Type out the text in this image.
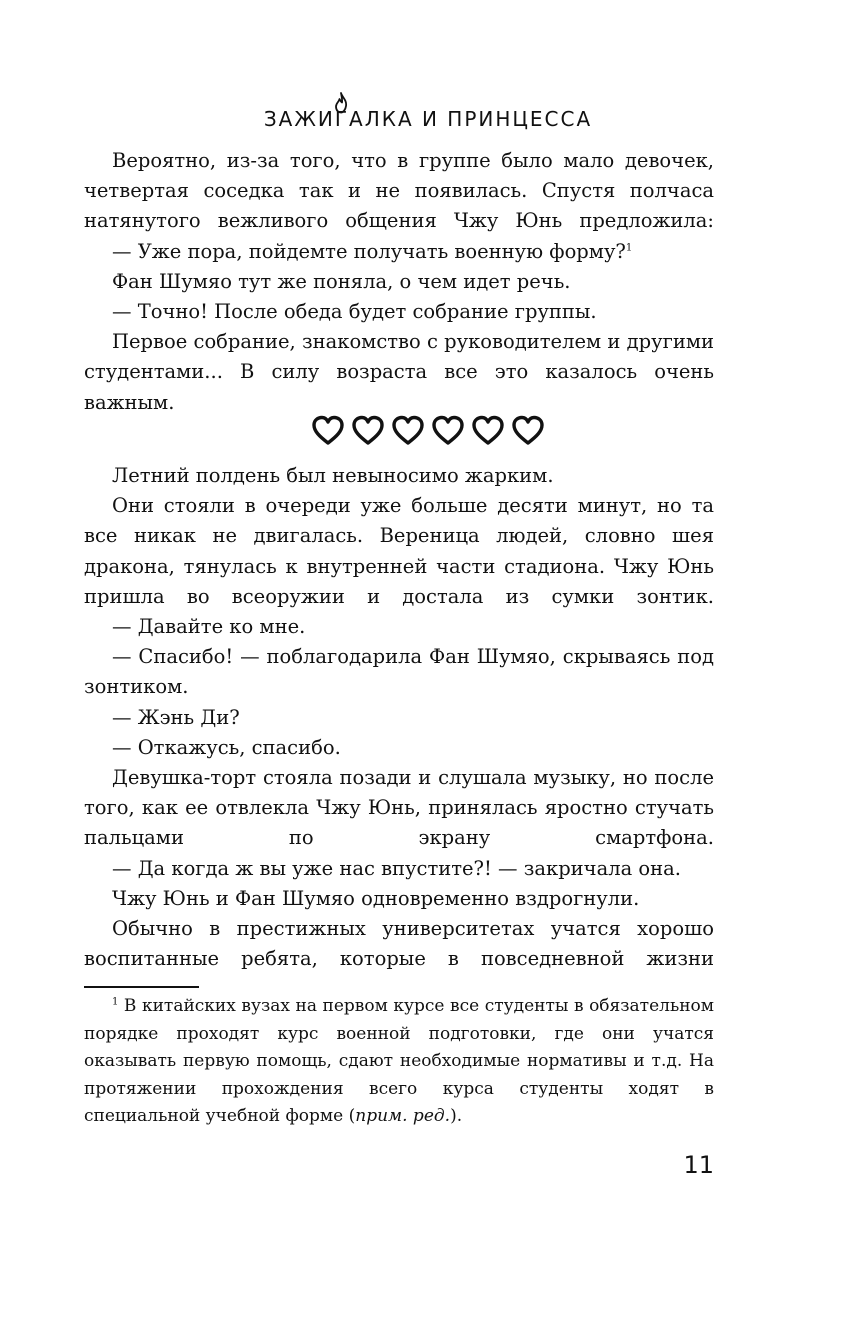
ЗАЖИГАЛКА И ПРИНЦЕССА

Вероятно, из-за того, что в группе было мало девочек, четвертая соседка так и не появилась. Спустя полчаса натянутого вежливого общения Чжу Юнь предложила:

— Уже пора, пойдемте получать военную форму?$^1$

Фан Шумяо тут же поняла, о чем идет речь.

— Точно! После обеда будет собрание группы.

Первое собрание, знакомство с руководителем и другими студентами... В силу возраста все это казалось очень важным.

Летний полдень был невыносимо жарким.

Они стояли в очереди уже больше десяти минут, но та все никак не двигалась. Вереница людей, словно шея дракона, тянулась к внутренней части стадиона. Чжу Юнь пришла во всеоружии и достала из сумки зонтик.

— Давайте ко мне.

— Спасибо! — поблагодарила Фан Шумяо, скрываясь под зонтиком.

— Жэнь Ди?

— Откажусь, спасибо.

Девушка-торт стояла позади и слушала музыку, но после того, как ее отвлекла Чжу Юнь, принялась яростно стучать пальцами по экрану смартфона.

— Да когда ж вы уже нас впустите?! — закричала она.

Чжу Юнь и Фан Шумяо одновременно вздрогнули.

Обычно в престижных университетах учатся хорошо воспитанные ребята, которые в повседневной жизни

$^1$ В китайских вузах на первом курсе все студенты в обязательном порядке проходят курс военной подготовки, где они учатся оказывать первую помощь, сдают необходимые нормативы и т.д. На протяжении прохождения всего курса студенты ходят в специальной учебной форме (прим. ред.).

11
